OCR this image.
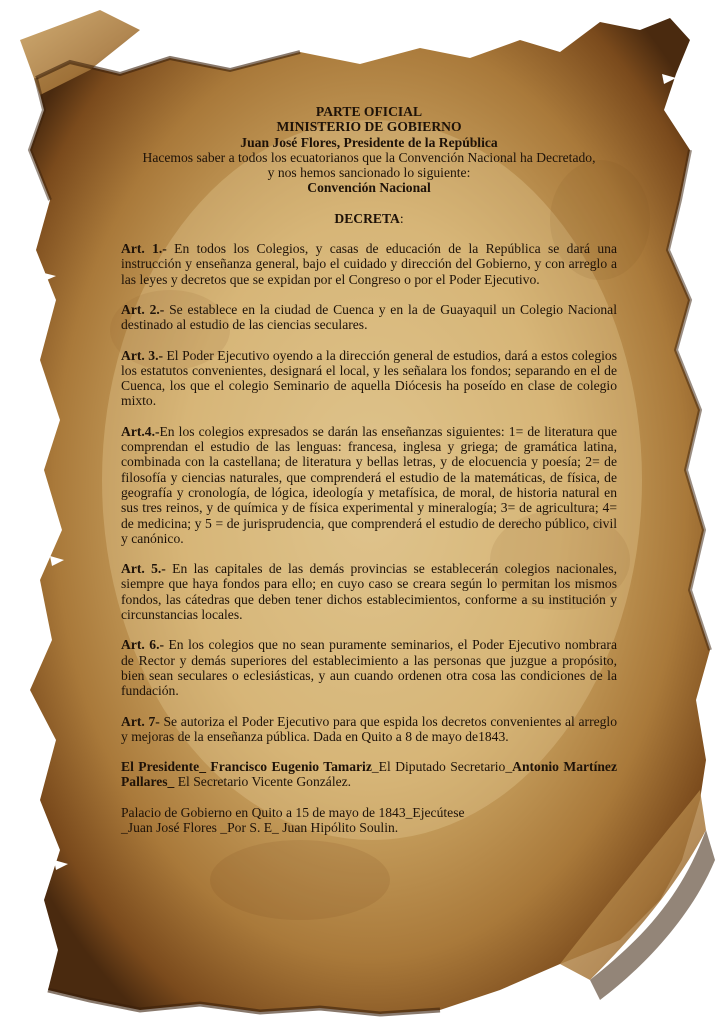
PARTE OFICIAL
MINISTERIO DE GOBIERNO
Juan José Flores, Presidente de la República
Hacemos saber a todos los ecuatorianos que la Convención Nacional ha Decretado,
y nos hemos sancionado lo siguiente:
Convención Nacional
DECRETA:

Art. 1.- En todos los Colegios, y casas de educación de la República se dará una instrucción y enseñanza general, bajo el cuidado y dirección del Gobierno, y con arreglo a las leyes y decretos que se expidan por el Congreso o por el Poder Ejecutivo.

Art. 2.- Se establece en la ciudad de Cuenca y en la de Guayaquil un Colegio Nacional destinado al estudio de las ciencias seculares.

Art. 3.- El Poder Ejecutivo oyendo a la dirección general de estudios, dará a estos colegios los estatutos convenientes, designará el local, y les señalara los fondos; separando en el de Cuenca, los que el colegio Seminario de aquella Diócesis ha poseído en clase de colegio mixto.

Art.4.-En los colegios expresados se darán las enseñanzas siguientes: 1= de literatura que comprendan el estudio de las lenguas: francesa, inglesa y griega; de gramática latina, combinada con la castellana; de literatura y bellas letras, y de elocuencia y poesía; 2= de filosofía y ciencias naturales, que comprenderá el estudio de la matemáticas, de física, de geografía y cronología, de lógica, ideología y metafísica, de moral, de historia natural en sus tres reinos, y de química y de física experimental y mineralogía; 3= de agricultura; 4= de medicina; y 5 = de jurisprudencia, que comprenderá el estudio de derecho público, civil y canónico.

Art. 5.- En las capitales de las demás provincias se establecerán colegios nacionales, siempre que haya fondos para ello; en cuyo caso se creara según lo permitan los mismos fondos, las cátedras que deben tener dichos establecimientos, conforme a su institución y circunstancias locales.

Art. 6.- En los colegios que no sean puramente seminarios, el Poder Ejecutivo nombrara de Rector y demás superiores del establecimiento a las personas que juzgue a propósito, bien sean seculares o eclesiásticas, y aun cuando ordenen otra cosa las condiciones de la fundación.

Art. 7- Se autoriza el Poder Ejecutivo para que espida los decretos convenientes al arreglo y mejoras de la enseñanza pública. Dada en Quito a 8 de mayo de1843.

El Presidente_ Francisco Eugenio Tamariz_El Diputado Secretario_Antonio Martínez Pallares_ El Secretario Vicente González.

Palacio de Gobierno en Quito a 15 de mayo de 1843_Ejecútese
_Juan José Flores _Por S. E_ Juan Hipólito Soulin.
